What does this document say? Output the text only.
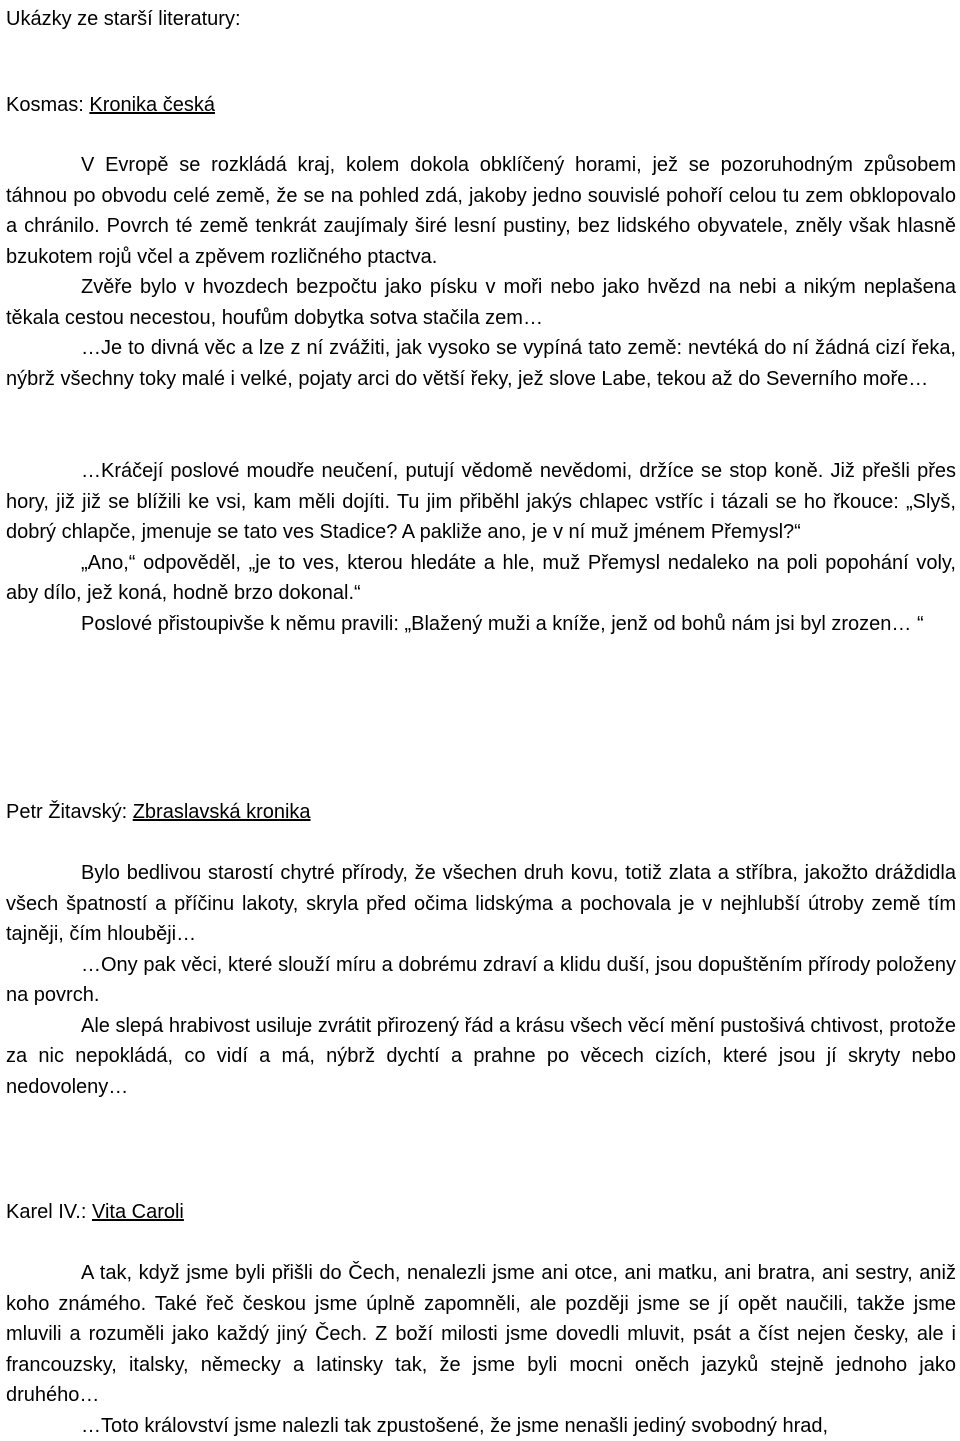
Ukázky ze starší literatury:
Kosmas: Kronika česká

V Evropě se rozkládá kraj, kolem dokola obklíčený horami, jež se pozoruhodným způsobem táhnou po obvodu celé země, že se na pohled zdá, jakoby jedno souvislé pohoří celou tu zem obklopovalo a chránilo. Povrch té země tenkrát zaujímaly širé lesní pustiny, bez lidského obyvatele, zněly však hlasně bzukotem rojů včel a zpěvem rozličného ptactva.

Zvěře bylo v hvozdech bezpočtu jako písku v moři nebo jako hvězd na nebi a nikým neplašena těkala cestou necestou, houfům dobytka sotva stačila zem…

…Je to divná věc a lze z ní zvážiti, jak vysoko se vypíná tato země: nevtéká do ní žádná cizí řeka, nýbrž všechny toky malé i velké, pojaty arci do větší řeky, jež slove Labe, tekou až do Severního moře…

…Kráčejí poslové moudře neučení, putují vědomě nevědomi, držíce se stop koně. Již přešli přes hory, již již se blížili ke vsi, kam měli dojíti. Tu jim přiběhl jakýs chlapec vstříc i tázali se ho řkouce: „Slyš, dobrý chlapče, jmenuje se tato ves Stadice? A pakliže ano, je v ní muž jménem Přemysl?“

„Ano,“ odpověděl, „je to ves, kterou hledáte a hle, muž Přemysl nedaleko na poli popohání voly, aby dílo, jež koná, hodně brzo dokonal.“

Poslové přistoupivše k němu pravili: „Blažený muži a kníže, jenž od bohů nám jsi byl zrozen… “

Petr Žitavský: Zbraslavská kronika

Bylo bedlivou starostí chytré přírody, že všechen druh kovu, totiž zlata a stříbra, jakožto dráždidla všech špatností a příčinu lakoty, skryla před očima lidskýma a pochovala je v nejhlubší útroby země tím tajněji, čím hlouběji…

…Ony pak věci, které slouží míru a dobrému zdraví a klidu duší, jsou dopuštěním přírody položeny na povrch.

Ale slepá hrabivost usiluje zvrátit přirozený řád a krásu všech věcí mění pustošivá chtivost, protože za nic nepokládá, co vidí a má, nýbrž dychtí a prahne po věcech cizích, které jsou jí skryty nebo nedovoleny…

Karel IV.: Vita Caroli

A tak, když jsme byli přišli do Čech, nenalezli jsme ani otce, ani matku, ani bratra, ani sestry, aniž koho známého. Také řeč českou jsme úplně zapomněli, ale později jsme se jí opět naučili, takže jsme mluvili a rozuměli jako každý jiný Čech. Z boží milosti jsme dovedli mluvit, psát a číst nejen česky, ale i francouzsky, italsky, německy a latinsky tak, že jsme byli mocni oněch jazyků stejně jednoho jako druhého…

…Toto království jsme nalezli tak zpustošené, že jsme nenašli jediný svobodný hrad,
